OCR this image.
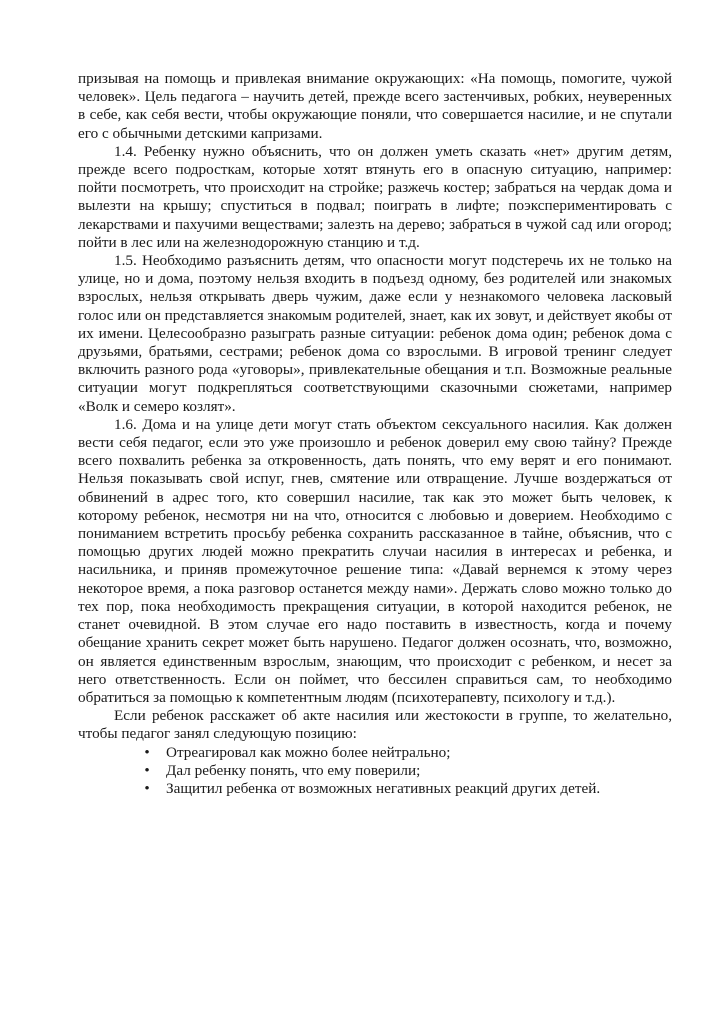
призывая на помощь и привлекая внимание окружающих: «На помощь, помогите, чужой человек». Цель педагога – научить детей, прежде всего застенчивых, робких, неуверенных в себе, как себя вести, чтобы окружающие поняли, что совершается насилие, и не спутали его с обычными детскими капризами.

1.4. Ребенку нужно объяснить, что он должен уметь сказать «нет» другим детям, прежде всего подросткам, которые хотят втянуть его в опасную ситуацию, например: пойти посмотреть, что происходит на стройке; разжечь костер; забраться на чердак дома и вылезти на крышу; спуститься в подвал; поиграть в лифте; поэкспериментировать с лекарствами и пахучими веществами; залезть на дерево; забраться в чужой сад или огород; пойти в лес или на железнодорожную станцию и т.д.

1.5. Необходимо разъяснить детям, что опасности могут подстеречь их не только на улице, но и дома, поэтому нельзя входить в подъезд одному, без родителей или знакомых взрослых, нельзя открывать дверь чужим, даже если у незнакомого человека ласковый голос или он представляется знакомым родителей, знает, как их зовут, и действует якобы от их имени. Целесообразно разыграть разные ситуации: ребенок дома один; ребенок дома с друзьями, братьями, сестрами; ребенок дома со взрослыми. В игровой тренинг следует включить разного рода «уговоры», привлекательные обещания и т.п. Возможные реальные ситуации могут подкрепляться соответствующими сказочными сюжетами, например «Волк и семеро козлят».

1.6. Дома и на улице дети могут стать объектом сексуального насилия. Как должен вести себя педагог, если это уже произошло и ребенок доверил ему свою тайну? Прежде всего похвалить ребенка за откровенность, дать понять, что ему верят и его понимают. Нельзя показывать свой испуг, гнев, смятение или отвращение. Лучше воздержаться от обвинений в адрес того, кто совершил насилие, так как это может быть человек, к которому ребенок, несмотря ни на что, относится с любовью и доверием. Необходимо с пониманием встретить просьбу ребенка сохранить рассказанное в тайне, объяснив, что с помощью других людей можно прекратить случаи насилия в интересах и ребенка, и насильника, и приняв промежуточное решение типа: «Давай вернемся к этому через некоторое время, а пока разговор останется между нами». Держать слово можно только до тех пор, пока необходимость прекращения ситуации, в которой находится ребенок, не станет очевидной. В этом случае его надо поставить в известность, когда и почему обещание хранить секрет может быть нарушено. Педагог должен осознать, что, возможно, он является единственным взрослым, знающим, что происходит с ребенком, и несет за него ответственность. Если он поймет, что бессилен справиться сам, то необходимо обратиться за помощью к компетентным людям (психотерапевту, психологу и т.д.).

Если ребенок расскажет об акте насилия или жестокости в группе, то желательно, чтобы педагог занял следующую позицию:

• Отреагировал как можно более нейтрально;
• Дал ребенку понять, что ему поверили;
• Защитил ребенка от возможных негативных реакций других детей.
